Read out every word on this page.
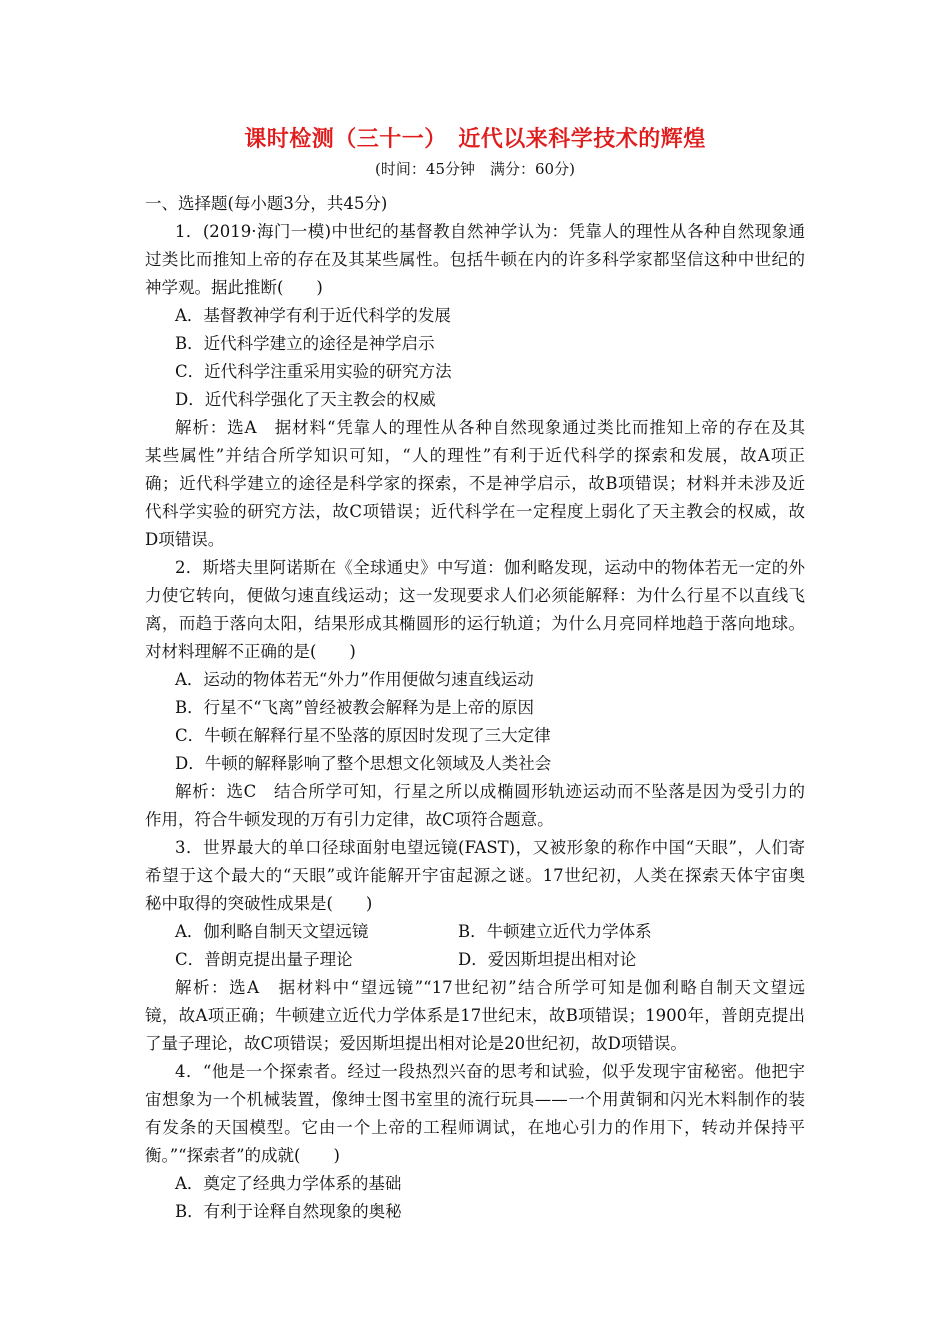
课时检测（三十一）　近代以来科学技术的辉煌
(时间：45分钟　满分：60分)
一、选择题(每小题3分，共45分)
1．(2019·海门一模)中世纪的基督教自然神学认为：凭靠人的理性从各种自然现象通
过类比而推知上帝的存在及其某些属性。包括牛顿在内的许多科学家都坚信这种中世纪的
神学观。据此推断(　　)
A．基督教神学有利于近代科学的发展
B．近代科学建立的途径是神学启示
C．近代科学注重采用实验的研究方法
D．近代科学强化了天主教会的权威
解析：选A　据材料“凭靠人的理性从各种自然现象通过类比而推知上帝的存在及其
某些属性”并结合所学知识可知，“人的理性”有利于近代科学的探索和发展，故A项正
确；近代科学建立的途径是科学家的探索，不是神学启示，故B项错误；材料并未涉及近
代科学实验的研究方法，故C项错误；近代科学在一定程度上弱化了天主教会的权威，故
D项错误。
2．斯塔夫里阿诺斯在《全球通史》中写道：伽利略发现，运动中的物体若无一定的外
力使它转向，便做匀速直线运动；这一发现要求人们必须能解释：为什么行星不以直线飞
离，而趋于落向太阳，结果形成其椭圆形的运行轨道；为什么月亮同样地趋于落向地球。
对材料理解不正确的是(　　)
A．运动的物体若无“外力”作用便做匀速直线运动
B．行星不“飞离”曾经被教会解释为是上帝的原因
C．牛顿在解释行星不坠落的原因时发现了三大定律
D．牛顿的解释影响了整个思想文化领域及人类社会
解析：选C　结合所学可知，行星之所以成椭圆形轨迹运动而不坠落是因为受引力的
作用，符合牛顿发现的万有引力定律，故C项符合题意。
3．世界最大的单口径球面射电望远镜(FAST)，又被形象的称作中国“天眼”，人们寄
希望于这个最大的“天眼”或许能解开宇宙起源之谜。17世纪初，人类在探索天体宇宙奥
秘中取得的突破性成果是(　　)
A．伽利略自制天文望远镜	B．牛顿建立近代力学体系
C．普朗克提出量子理论	D．爱因斯坦提出相对论
解析：选A　据材料中“望远镜”“17世纪初”结合所学可知是伽利略自制天文望远
镜，故A项正确；牛顿建立近代力学体系是17世纪末，故B项错误；1900年，普朗克提出
了量子理论，故C项错误；爱因斯坦提出相对论是20世纪初，故D项错误。
4．“他是一个探索者。经过一段热烈兴奋的思考和试验，似乎发现宇宙秘密。他把宇
宙想象为一个机械装置，像绅士图书室里的流行玩具——一个用黄铜和闪光木料制作的装
有发条的天国模型。它由一个上帝的工程师调试，在地心引力的作用下，转动并保持平
衡。”“探索者”的成就(　　)
A．奠定了经典力学体系的基础
B．有利于诠释自然现象的奥秘
